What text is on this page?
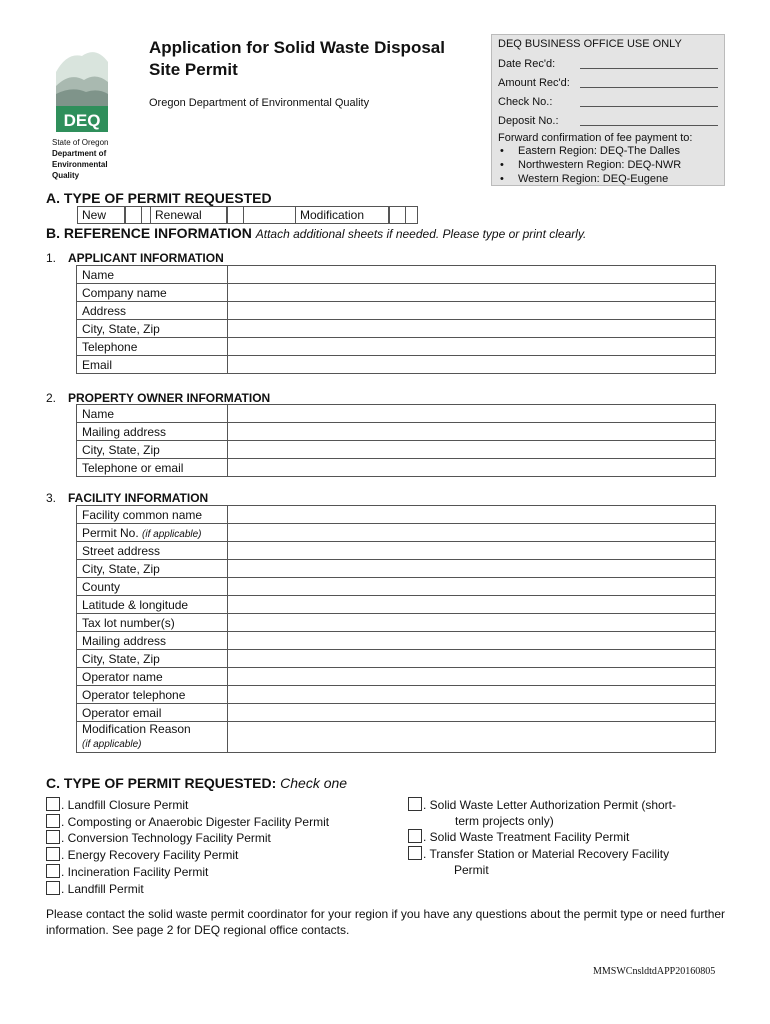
DEQ
State of Oregon
Department of
Environmental
Quality
Application for Solid Waste Disposal
Site Permit
Oregon Department of Environmental Quality
DEQ BUSINESS OFFICE USE ONLY
Date Rec'd:
Amount Rec'd:
Check No.:
Deposit No.:
Forward confirmation of fee payment to:
• Eastern Region: DEQ-The Dalles
• Northwestern Region: DEQ-NWR
• Western Region: DEQ-Eugene
A. TYPE OF PERMIT REQUESTED
New	Renewal	Modification
B. REFERENCE INFORMATION Attach additional sheets if needed. Please type or print clearly.
1. APPLICANT INFORMATION
Name	
Company name	
Address	
City, State, Zip	
Telephone	
Email	
2. PROPERTY OWNER INFORMATION
Name	
Mailing address	
City, State, Zip	
Telephone or email	
3. FACILITY INFORMATION
Facility common name	
Permit No. (if applicable)	
Street address	
City, State, Zip	
County	
Latitude & longitude	
Tax lot number(s)	
Mailing address	
City, State, Zip	
Operator name	
Operator telephone	
Operator email	

Modification Reason
(if applicable)	
C. TYPE OF PERMIT REQUESTED: Check one
. Landfill Closure Permit
. Composting or Anaerobic Digester Facility Permit
. Conversion Technology Facility Permit
. Energy Recovery Facility Permit
. Incineration Facility Permit
. Landfill Permit
. Solid Waste Letter Authorization Permit (short-
term projects only)
. Solid Waste Treatment Facility Permit
. Transfer Station or Material Recovery Facility
Permit
Please contact the solid waste permit coordinator for your region if you have any questions about the permit type or need further information. See page 2 for DEQ regional office contacts.
MMSWCnsldtdAPP20160805
